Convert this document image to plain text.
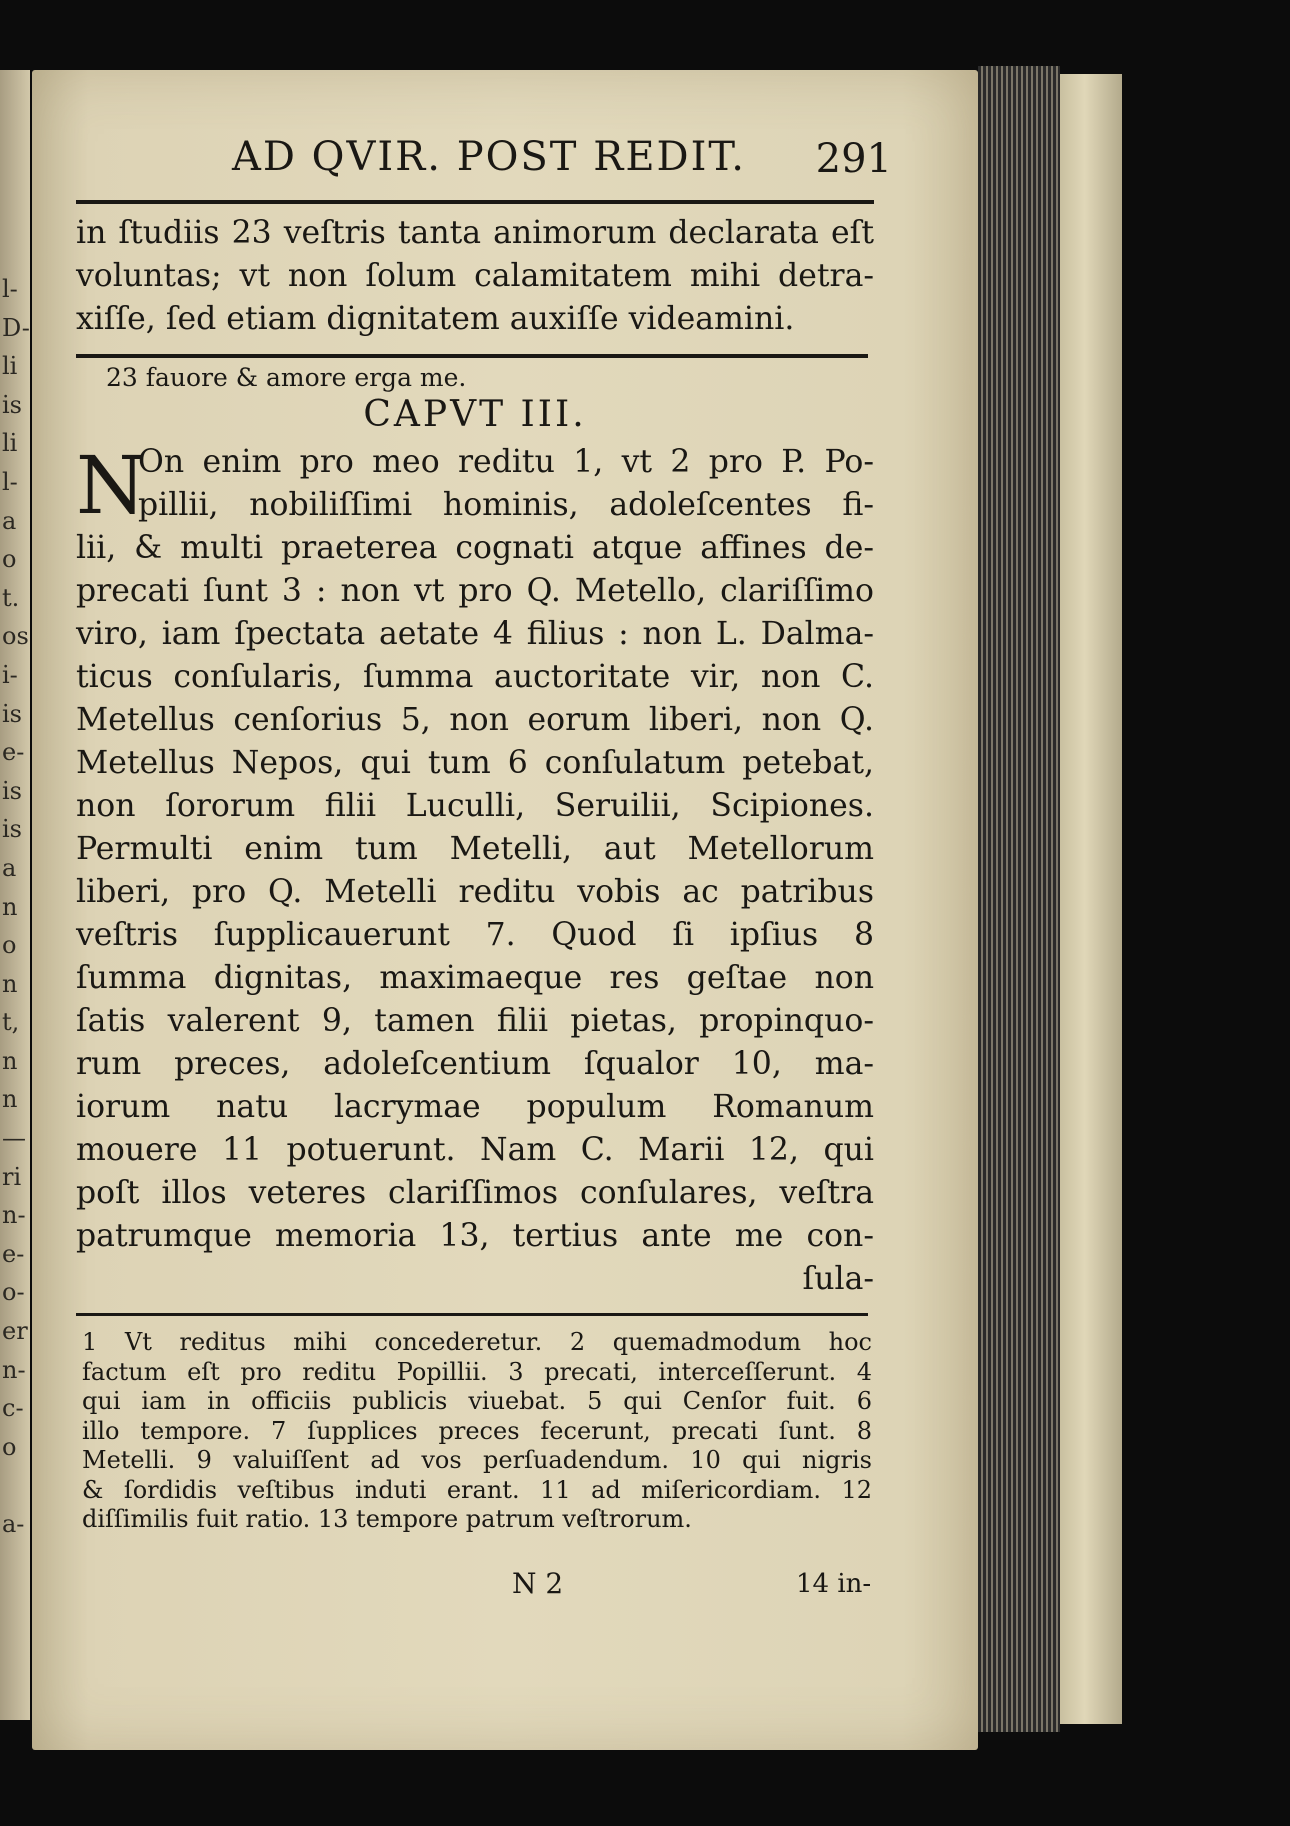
l-
D-
li
is
li
l-
a
o
t.
os
i-
is
e-
is
is
a
n
o
n
t,
n
n
—
ri
n-
e-
o-
er
n-
c-
o
a-
AD QVIR. POST REDIT. 291
in ſtudiis 23 veſtris tanta animorum declarata eſt
voluntas; vt non ſolum calamitatem mihi detra-
xiſſe, ſed etiam dignitatem auxiſſe videamini.
23 fauore & amore erga me.
CAPVT III.
N
On enim pro meo reditu 1, vt 2 pro P. Po-
pillii, nobiliſſimi hominis, adoleſcentes fi-
lii, & multi praeterea cognati atque affines de-
precati ſunt 3 : non vt pro Q. Metello, clariſſimo
viro, iam ſpectata aetate 4 filius : non L. Dalma-
ticus conſularis, ſumma auctoritate vir, non C.
Metellus cenſorius 5, non eorum liberi, non Q.
Metellus Nepos, qui tum 6 conſulatum petebat,
non ſororum filii Luculli, Seruilii, Scipiones.
Permulti enim tum Metelli, aut Metellorum
liberi, pro Q. Metelli reditu vobis ac patribus
veſtris ſupplicauerunt 7. Quod ſi ipſius 8
ſumma dignitas, maximaeque res geſtae non
ſatis valerent 9, tamen filii pietas, propinquo-
rum preces, adoleſcentium ſqualor 10, ma-
iorum natu lacrymae populum Romanum
mouere 11 potuerunt. Nam C. Marii 12, qui
poſt illos veteres clariſſimos conſulares, veſtra
patrumque memoria 13, tertius ante me con-
ſula-
1 Vt reditus mihi concederetur. 2 quemadmodum hoc
factum eſt pro reditu Popillii. 3 precati, interceſſerunt. 4
qui iam in officiis publicis viuebat. 5 qui Cenſor fuit. 6
illo tempore. 7 ſupplices preces fecerunt, precati ſunt. 8
Metelli. 9 valuiſſent ad vos perſuadendum. 10 qui nigris
& ſordidis veſtibus induti erant. 11 ad miſericordiam. 12
diſſimilis fuit ratio. 13 tempore patrum veſtrorum.
N 2	14 in-
